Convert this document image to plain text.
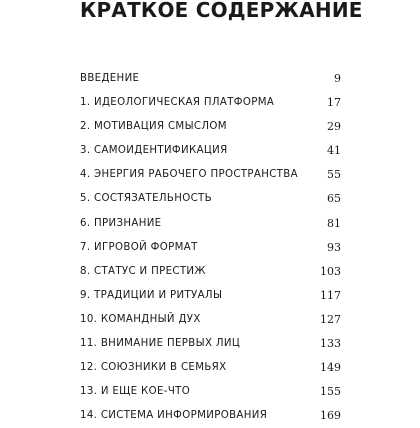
КРАТКОЕ СОДЕРЖАНИЕ
ВВЕДЕНИЕ	9
1. ИДЕОЛОГИЧЕСКАЯ ПЛАТФОРМА	17
2. МОТИВАЦИЯ СМЫСЛОМ	29
3. САМОИДЕНТИФИКАЦИЯ	41
4. ЭНЕРГИЯ РАБОЧЕГО ПРОСТРАНСТВА	55
5. СОСТЯЗАТЕЛЬНОСТЬ	65
6. ПРИЗНАНИЕ	81
7. ИГРОВОЙ ФОРМАТ	93
8. СТАТУС И ПРЕСТИЖ	103
9. ТРАДИЦИИ И РИТУАЛЫ	117
10. КОМАНДНЫЙ ДУХ	127
11. ВНИМАНИЕ ПЕРВЫХ ЛИЦ	133
12. СОЮЗНИКИ В СЕМЬЯХ	149
13. И ЕЩЕ КОЕ-ЧТО	155
14. СИСТЕМА ИНФОРМИРОВАНИЯ	169
